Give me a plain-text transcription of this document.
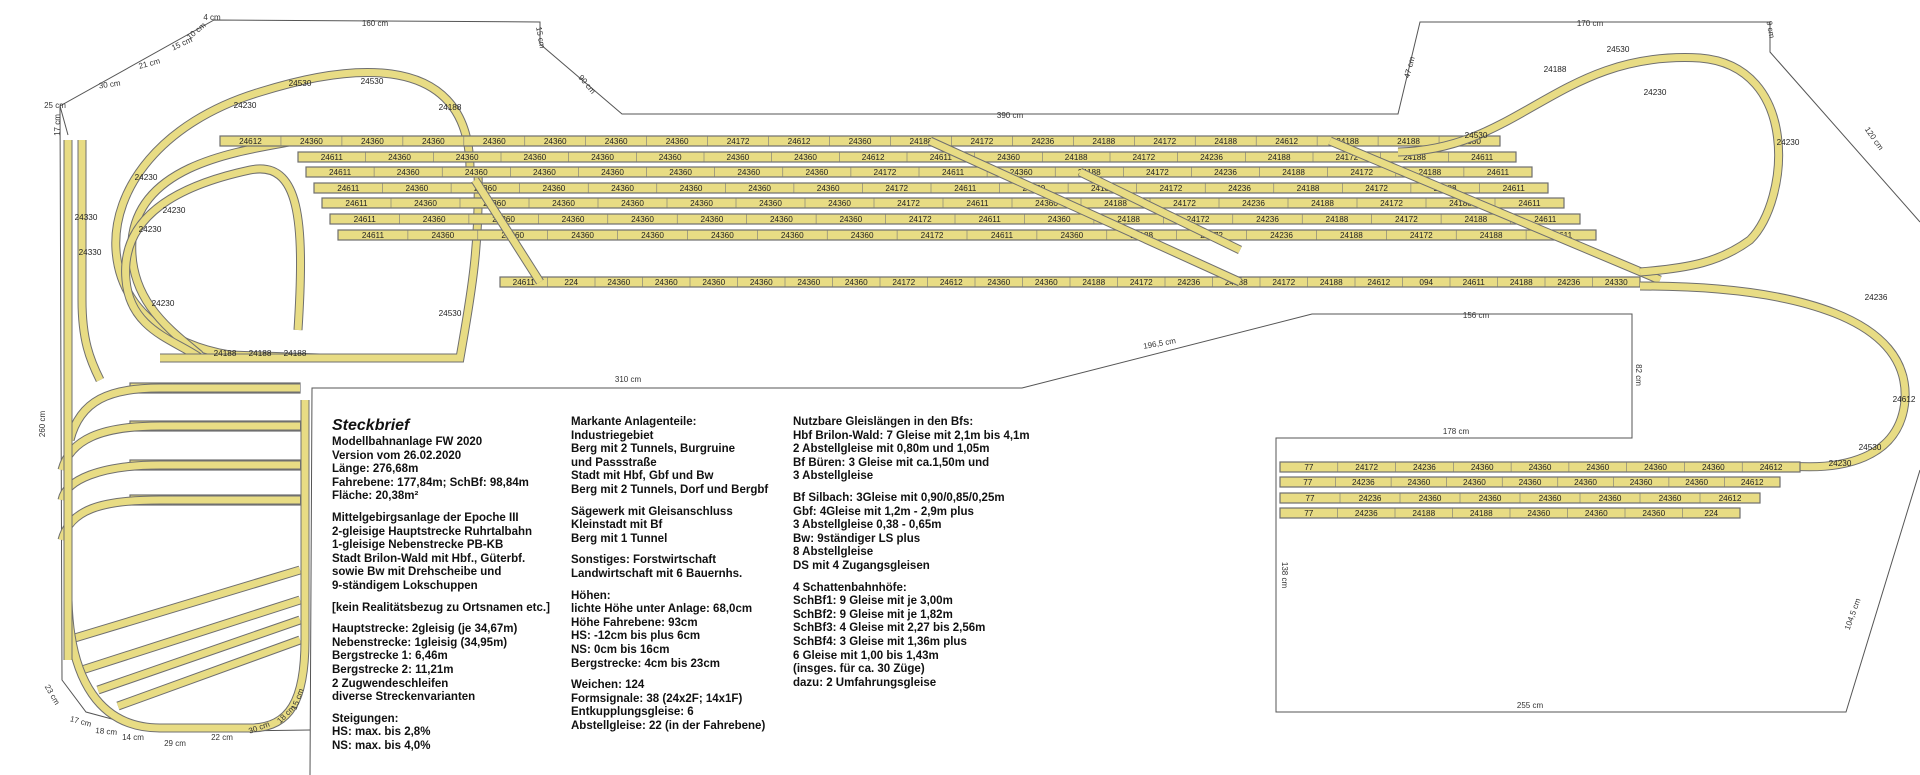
24612	24360	24360	24360	24360	24360	24360	24360	24172	24612	24360	24188	24172	24236	24188	24172	24188	24612	24188	24188	24530
24611	24360	24360	24360	24360	24360	24360	24360	24612	24611	24360	24188	24172	24236	24188	24172	24188	24611
24611	24360	24360	24360	24360	24360	24360	24360	24172	24611	24360	24188	24172	24236	24188	24172	24188	24611
24611	24360	24360	24360	24360	24360	24360	24360	24172	24611	24360	24188	24172	24236	24188	24172	24188	24611
24611	24360	24360	24360	24360	24360	24360	24360	24172	24611	24360	24188	24172	24236	24188	24172	24188	24611
24611	24360	24360	24360	24360	24360	24360	24360	24172	24611	24360	24188	24172	24236	24188	24172	24188	24611
24611	24360	24360	24360	24360	24360	24360	24360	24172	24611	24360	24188	24172	24236	24188	24172	24188	24611
24611	224	24360	24360	24360	24360	24360	24360	24172	24612	24360	24360	24188	24172	24236	24188	24172	24188	24612	094	24611	24188	24236	24330
24230 24172 24236 24230
24230 24172 24236 24230
24230 24172 24236 24230
24230 24172 24236 24230
77	24172	24236	24360	24360	24360	24360	24360	24612
77	24236	24360	24360	24360	24360	24360	24360	24612
77	24236	24360	24360	24360	24360	24360	24612
77	24236	24188	24188	24360	24360	24360	224
4 cm
160 cm
15 cm
90 cm
390 cm
47 cm
170 cm	9 cm
120 cm
104,5 cm
255 cm
138 cm
178 cm
82 cm
156 cm
196,5 cm
310 cm
260 cm
17 cm
25 cm
30 cm
21 cm
15 cm
10 cm
23 cm
17 cm
18 cm
14 cm
29 cm
22 cm
30 cm
18 cm
15 cm
24230
24530	24530
24188
24230
24230
24188 24188 24188
24530
24330
24230
24230
24330
24530
24530
24188
24230
24230
24236
24612
24530
24230
Steckbrief
Modellbahnanlage FW 2020
Version vom 26.02.2020
Länge: 276,68m
Fahrebene: 177,84m; SchBf: 98,84m
Fläche: 20,38m²
Mittelgebirgsanlage der Epoche III
2-gleisige Hauptstrecke Ruhrtalbahn
1-gleisige Nebenstrecke PB-KB
Stadt Brilon-Wald mit Hbf., Güterbf.
sowie Bw mit Drehscheibe und
9-ständigem Lokschuppen
[kein Realitätsbezug zu Ortsnamen etc.]
Hauptstrecke: 2gleisig (je 34,67m)
Nebenstrecke: 1gleisig (34,95m)
Bergstrecke 1: 6,46m
Bergstrecke 2: 11,21m
2 Zugwendeschleifen
diverse Streckenvarianten
Steigungen:
HS: max. bis 2,8%
NS: max. bis 4,0%
Markante Anlagenteile:
Industriegebiet
Berg mit 2 Tunnels, Burgruine
und Passstraße
Stadt mit Hbf, Gbf und Bw
Berg mit 2 Tunnels, Dorf und Bergbf
Sägewerk mit Gleisanschluss
Kleinstadt mit Bf
Berg mit 1 Tunnel
Sonstiges: Forstwirtschaft
Landwirtschaft mit 6 Bauernhs.
Höhen:
lichte Höhe unter Anlage: 68,0cm
Höhe Fahrebene: 93cm
HS: -12cm bis plus 6cm
NS: 0cm bis 16cm
Bergstrecke: 4cm bis 23cm
Weichen: 124
Formsignale: 38 (24x2F; 14x1F)
Entkupplungsgleise: 6
Abstellgleise: 22 (in der Fahrebene)
Nutzbare Gleislängen in den Bfs:
Hbf Brilon-Wald: 7 Gleise mit 2,1m bis 4,1m
2 Abstellgleise mit 0,80m und 1,05m
Bf Büren: 3 Gleise mit ca.1,50m und
3 Abstellgleise
Bf Silbach: 3Gleise mit 0,90/0,85/0,25m
Gbf: 4Gleise mit 1,2m - 2,9m plus
3 Abstellgleise 0,38 - 0,65m
Bw: 9ständiger LS plus
8 Abstellgleise
DS mit 4 Zugangsgleisen
4 Schattenbahnhöfe:
SchBf1: 9 Gleise mit je 3,00m
SchBf2: 9 Gleise mit je 1,82m
SchBf3: 4 Gleise mit 2,27 bis 2,56m
SchBf4: 3 Gleise mit 1,36m plus
6 Gleise mit 1,00 bis 1,43m
(insges. für ca. 30 Züge)
dazu: 2 Umfahrungsgleise
